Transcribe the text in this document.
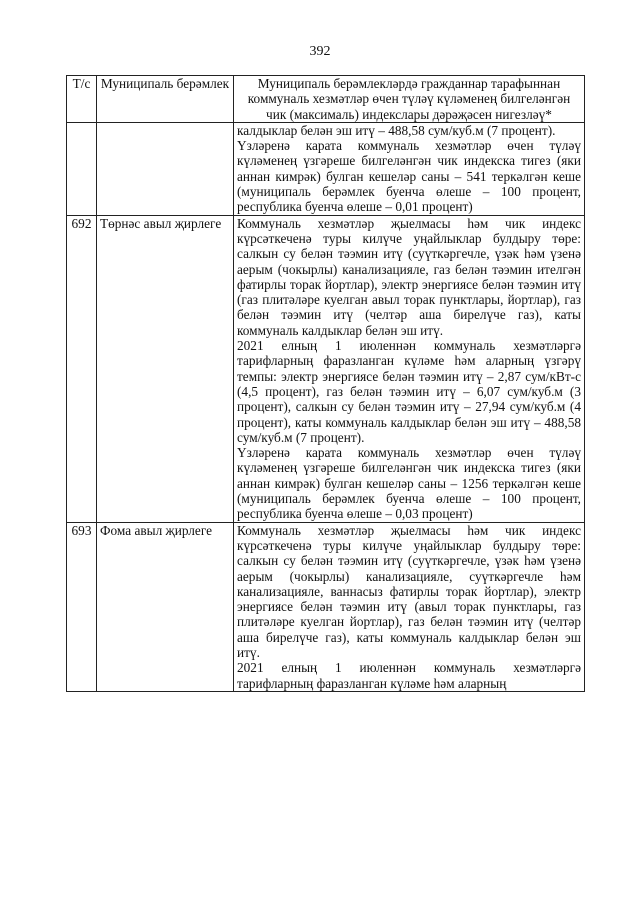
392
Т/с	Муниципаль берәмлек	Муниципаль берәмлекләрдә гражданнар тарафыннан коммуналь хезмәтләр өчен түләү күләменең билгеләнгән чик (максималь) индекслары дәрәҗәсен нигезләү*

		калдыклар белән эш итү – 488,58 сум/куб.м (7 процент).

Үзләренә карата коммуналь хезмәтләр өчен түләү күләменең үзгәреше билгеләнгән чик индекска тигез (яки аннан кимрәк) булган кешеләр саны – 541 теркәлгән кеше (муниципаль берәмлек буенча өлеше – 100 процент, республика буенча өлеше – 0,01 процент)

692	Төрнәс авыл җирлеге	Коммуналь хезмәтләр җыелмасы һәм чик индекс күрсәткеченә туры килүче уңайлыклар булдыру төре: салкын су белән тәэмин итү (суүткәргечле, үзәк һәм үзенә аерым (чокырлы) канализацияле, газ белән тәэмин ителгән фатирлы торак йортлар), электр энергиясе белән тәэмин итү (газ плитәләре куелган авыл торак пунктлары, йортлар), газ белән тәэмин итү (челтәр аша бирелүче газ), каты коммуналь калдыклар белән эш итү.

2021 елның 1 июленнән коммуналь хезмәтләргә тарифларның фаразланган күләме һәм аларның үзгәрү темпы: электр энергиясе белән тәэмин итү – 2,87 сум/кВт-с (4,5 процент), газ белән тәэмин итү – 6,07 сум/куб.м (3 процент), салкын су белән тәэмин итү – 27,94 сум/куб.м (4 процент), каты коммуналь калдыклар белән эш итү – 488,58 сум/куб.м (7 процент).

Үзләренә карата коммуналь хезмәтләр өчен түләү күләменең үзгәреше билгеләнгән чик индекска тигез (яки аннан кимрәк) булган кешеләр саны – 1256 теркәлгән кеше (муниципаль берәмлек буенча өлеше – 100 процент, республика буенча өлеше – 0,03 процент)

693	Фома авыл җирлеге	Коммуналь хезмәтләр җыелмасы һәм чик индекс күрсәткеченә туры килүче уңайлыклар булдыру төре: салкын су белән тәэмин итү (суүткәргечле, үзәк һәм үзенә аерым (чокырлы) канализацияле, суүткәргечле һәм канализацияле, ваннасыз фатирлы торак йортлар), электр энергиясе белән тәэмин итү (авыл торак пунктлары, газ плитәләре куелган йортлар), газ белән тәэмин итү (челтәр аша бирелүче газ), каты коммуналь калдыклар белән эш итү.

2021 елның 1 июленнән коммуналь хезмәтләргә тарифларның фаразланган күләме һәм аларның
